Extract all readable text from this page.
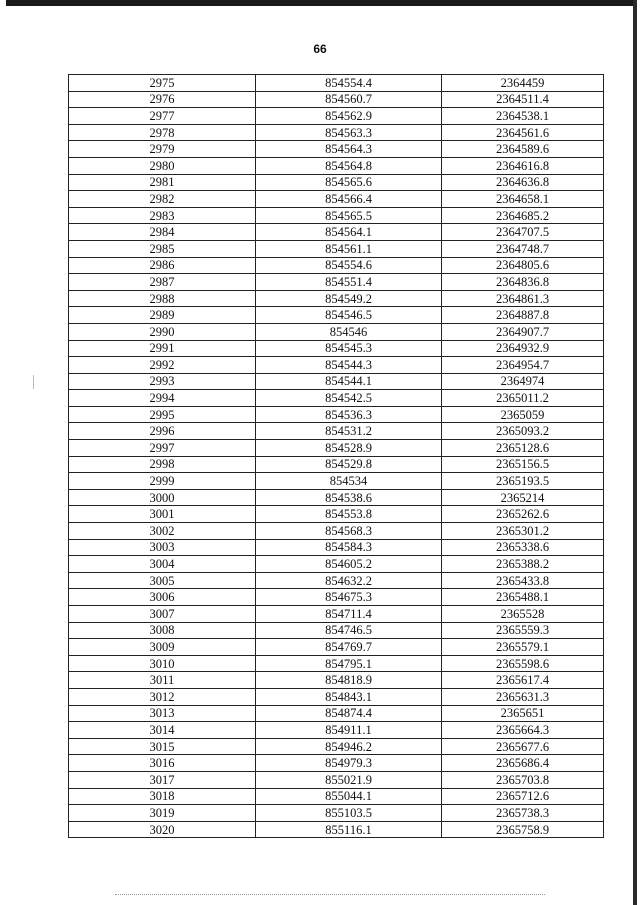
66
2975	854554.4	2364459
2976	854560.7	2364511.4
2977	854562.9	2364538.1
2978	854563.3	2364561.6
2979	854564.3	2364589.6
2980	854564.8	2364616.8
2981	854565.6	2364636.8
2982	854566.4	2364658.1
2983	854565.5	2364685.2
2984	854564.1	2364707.5
2985	854561.1	2364748.7
2986	854554.6	2364805.6
2987	854551.4	2364836.8
2988	854549.2	2364861.3
2989	854546.5	2364887.8
2990	854546	2364907.7
2991	854545.3	2364932.9
2992	854544.3	2364954.7
2993	854544.1	2364974
2994	854542.5	2365011.2
2995	854536.3	2365059
2996	854531.2	2365093.2
2997	854528.9	2365128.6
2998	854529.8	2365156.5
2999	854534	2365193.5
3000	854538.6	2365214
3001	854553.8	2365262.6
3002	854568.3	2365301.2
3003	854584.3	2365338.6
3004	854605.2	2365388.2
3005	854632.2	2365433.8
3006	854675.3	2365488.1
3007	854711.4	2365528
3008	854746.5	2365559.3
3009	854769.7	2365579.1
3010	854795.1	2365598.6
3011	854818.9	2365617.4
3012	854843.1	2365631.3
3013	854874.4	2365651
3014	854911.1	2365664.3
3015	854946.2	2365677.6
3016	854979.3	2365686.4
3017	855021.9	2365703.8
3018	855044.1	2365712.6
3019	855103.5	2365738.3
3020	855116.1	2365758.9
